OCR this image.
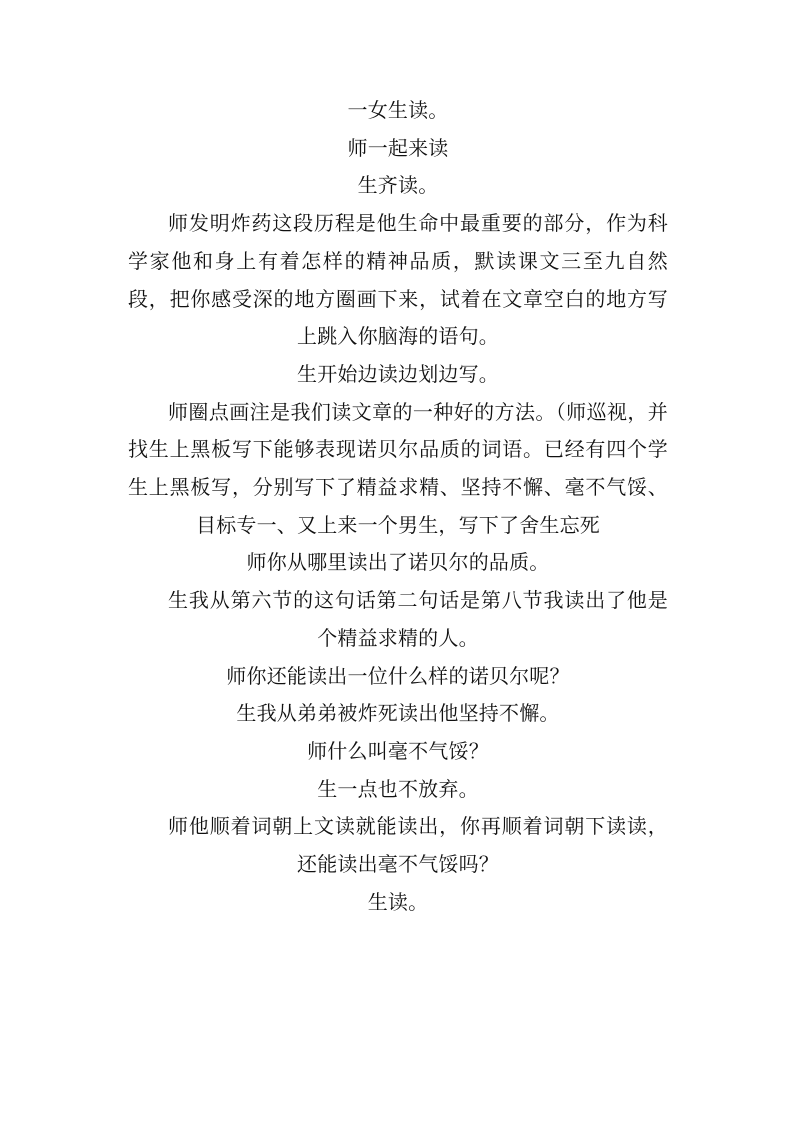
一女生读。

师一起来读

生齐读。

师发明炸药这段历程是他生命中最重要的部分，作为科学家他和身上有着怎样的精神品质，默读课文三至九自然段，把你感受深的地方圈画下来，试着在文章空白的地方写上跳入你脑海的语句。

生开始边读边划边写。

师圈点画注是我们读文章的一种好的方法。（师巡视，并找生上黑板写下能够表现诺贝尔品质的词语。已经有四个学生上黑板写，分别写下了精益求精、坚持不懈、毫不气馁、目标专一、又上来一个男生，写下了舍生忘死

师你从哪里读出了诺贝尔的品质。

生我从第六节的这句话第二句话是第八节我读出了他是个精益求精的人。

师你还能读出一位什么样的诺贝尔呢？

生我从弟弟被炸死读出他坚持不懈。

师什么叫毫不气馁？

生一点也不放弃。

师他顺着词朝上文读就能读出，你再顺着词朝下读读，还能读出毫不气馁吗？

生读。
